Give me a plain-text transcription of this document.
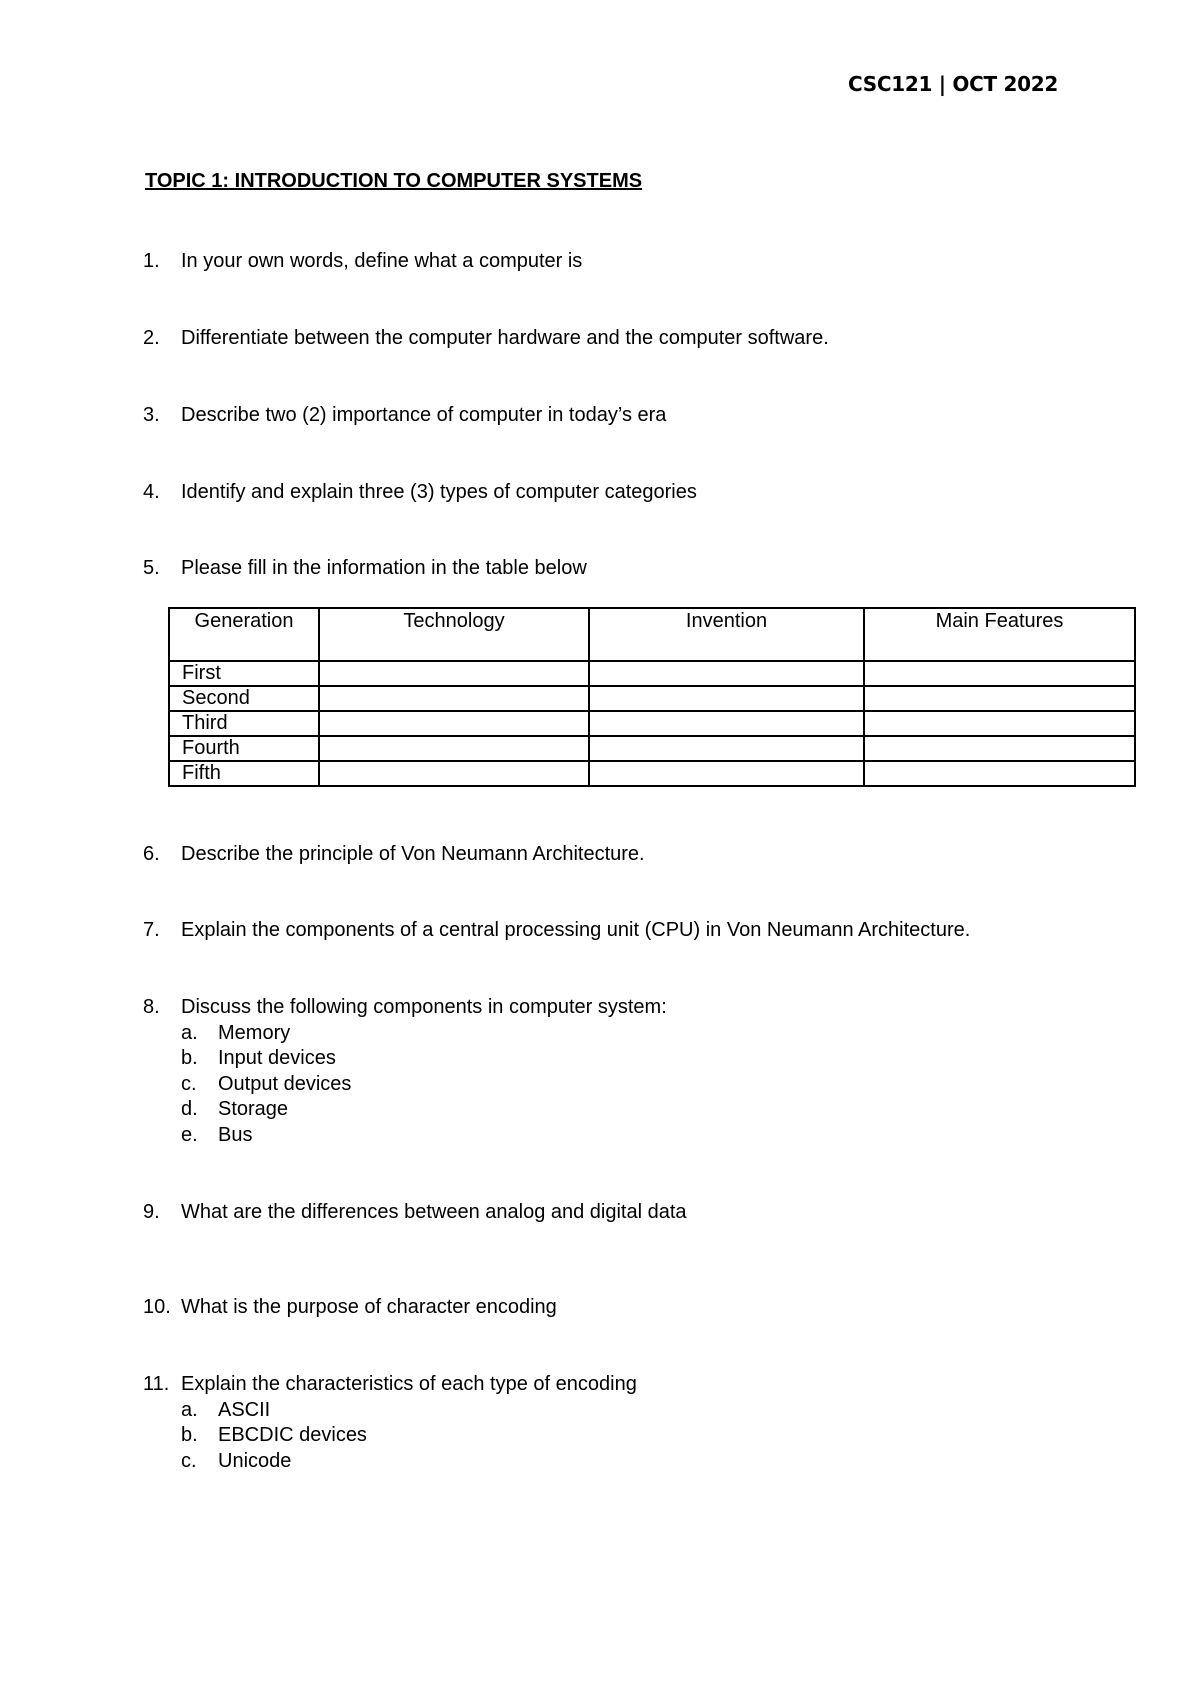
CSC121 | OCT 2022
TOPIC 1: INTRODUCTION TO COMPUTER SYSTEMS
1. In your own words, define what a computer is
2. Differentiate between the computer hardware and the computer software.
3. Describe two (2) importance of computer in today’s era
4. Identify and explain three (3) types of computer categories
5. Please fill in the information in the table below
Generation	Technology	Invention	Main Features
First			
Second			
Third			
Fourth			
Fifth			
6. Describe the principle of Von Neumann Architecture.
7. Explain the components of a central processing unit (CPU) in Von Neumann Architecture.
8. Discuss the following components in computer system:
a. Memory
b. Input devices
c. Output devices
d. Storage
e. Bus
9. What are the differences between analog and digital data
10. What is the purpose of character encoding
11. Explain the characteristics of each type of encoding
a. ASCII
b. EBCDIC devices
c. Unicode
